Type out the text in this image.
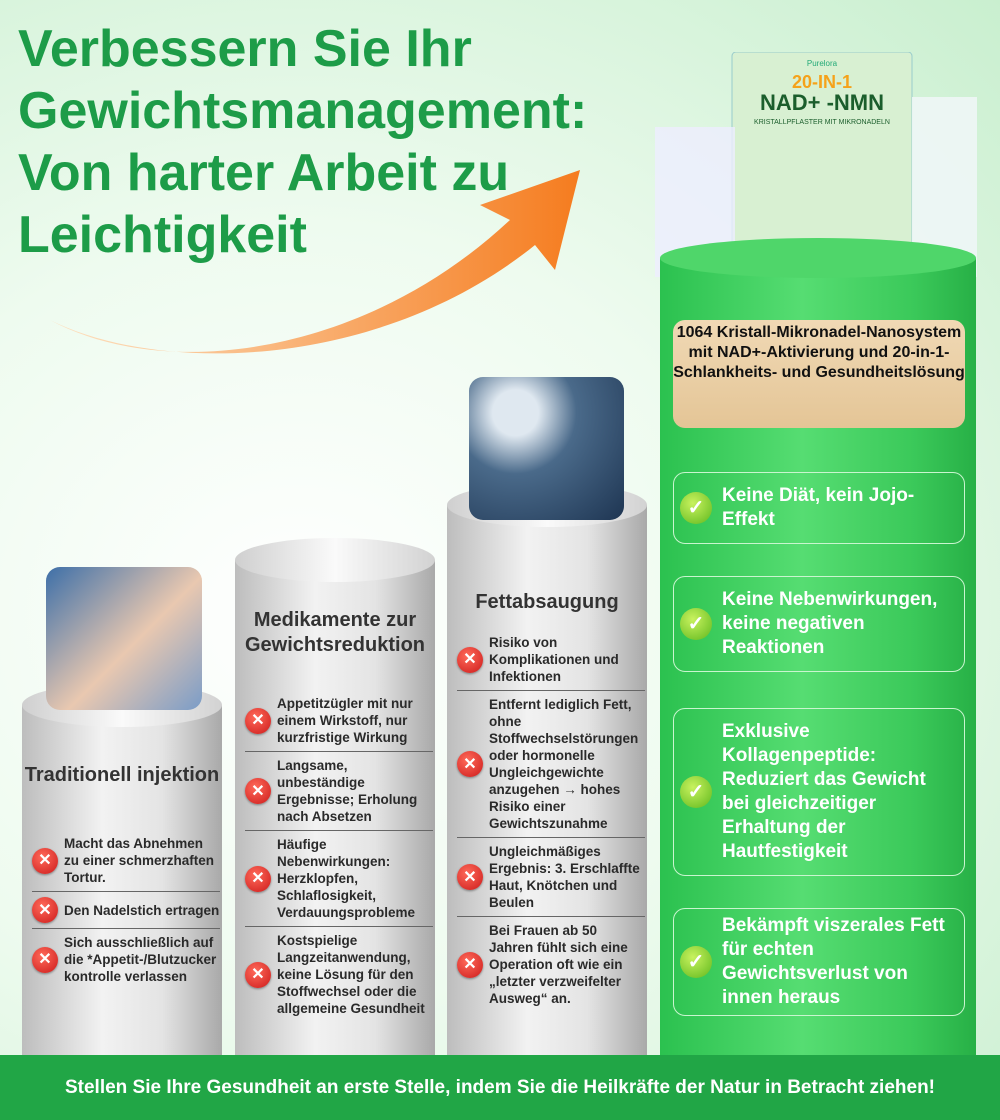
Verbessern Sie Ihr Gewichtsmanagement: Von harter Arbeit zu Leichtigkeit
Purelora
20-IN-1
NAD+ -NMN
KRISTALLPFLASTER MIT MIKRONADELN
Traditionell injektion
✕
Macht das Abnehmen zu einer schmerzhaften Tortur.
✕ Den Nadelstich ertragen
✕
Sich ausschließlich auf die *Appetit-/Blutzucker kontrolle verlassen
Medikamente zur Gewichtsreduktion
✕
Appetitzügler mit nur einem Wirkstoff, nur kurzfristige Wirkung
✕
Langsame, unbeständige Ergebnisse; Erholung nach Absetzen
✕
Häufige Nebenwirkungen: Herzklopfen, Schlaflosigkeit, Verdauungsprobleme
✕
Kostspielige Langzeitanwendung, keine Lösung für den Stoffwechsel oder die allgemeine Gesundheit
Fettabsaugung
✕
Risiko von Komplikationen und Infektionen
✕
Entfernt lediglich Fett, ohne Stoffwechselstörungen oder hormonelle Ungleichgewichte anzugehen → hohes Risiko einer Gewichtszunahme
✕
Ungleichmäßiges Ergebnis: 3. Erschlaffte Haut, Knötchen und Beulen
✕
Bei Frauen ab 50 Jahren fühlt sich eine Operation oft wie ein „letzter verzweifelter Ausweg“ an.
1064 Kristall-Mikronadel-Nanosystem mit NAD+-Aktivierung und 20-in-1-Schlankheits- und Gesundheitslösung
✓
Keine Diät, kein Jojo-Effekt
✓
Keine Nebenwirkungen, keine negativen Reaktionen
✓
Exklusive Kollagenpeptide: Reduziert das Gewicht bei gleichzeitiger Erhaltung der Hautfestigkeit
✓
Bekämpft viszerales Fett für echten Gewichtsverlust von innen heraus
Stellen Sie Ihre Gesundheit an erste Stelle, indem Sie die Heilkräfte der Natur in Betracht ziehen!
